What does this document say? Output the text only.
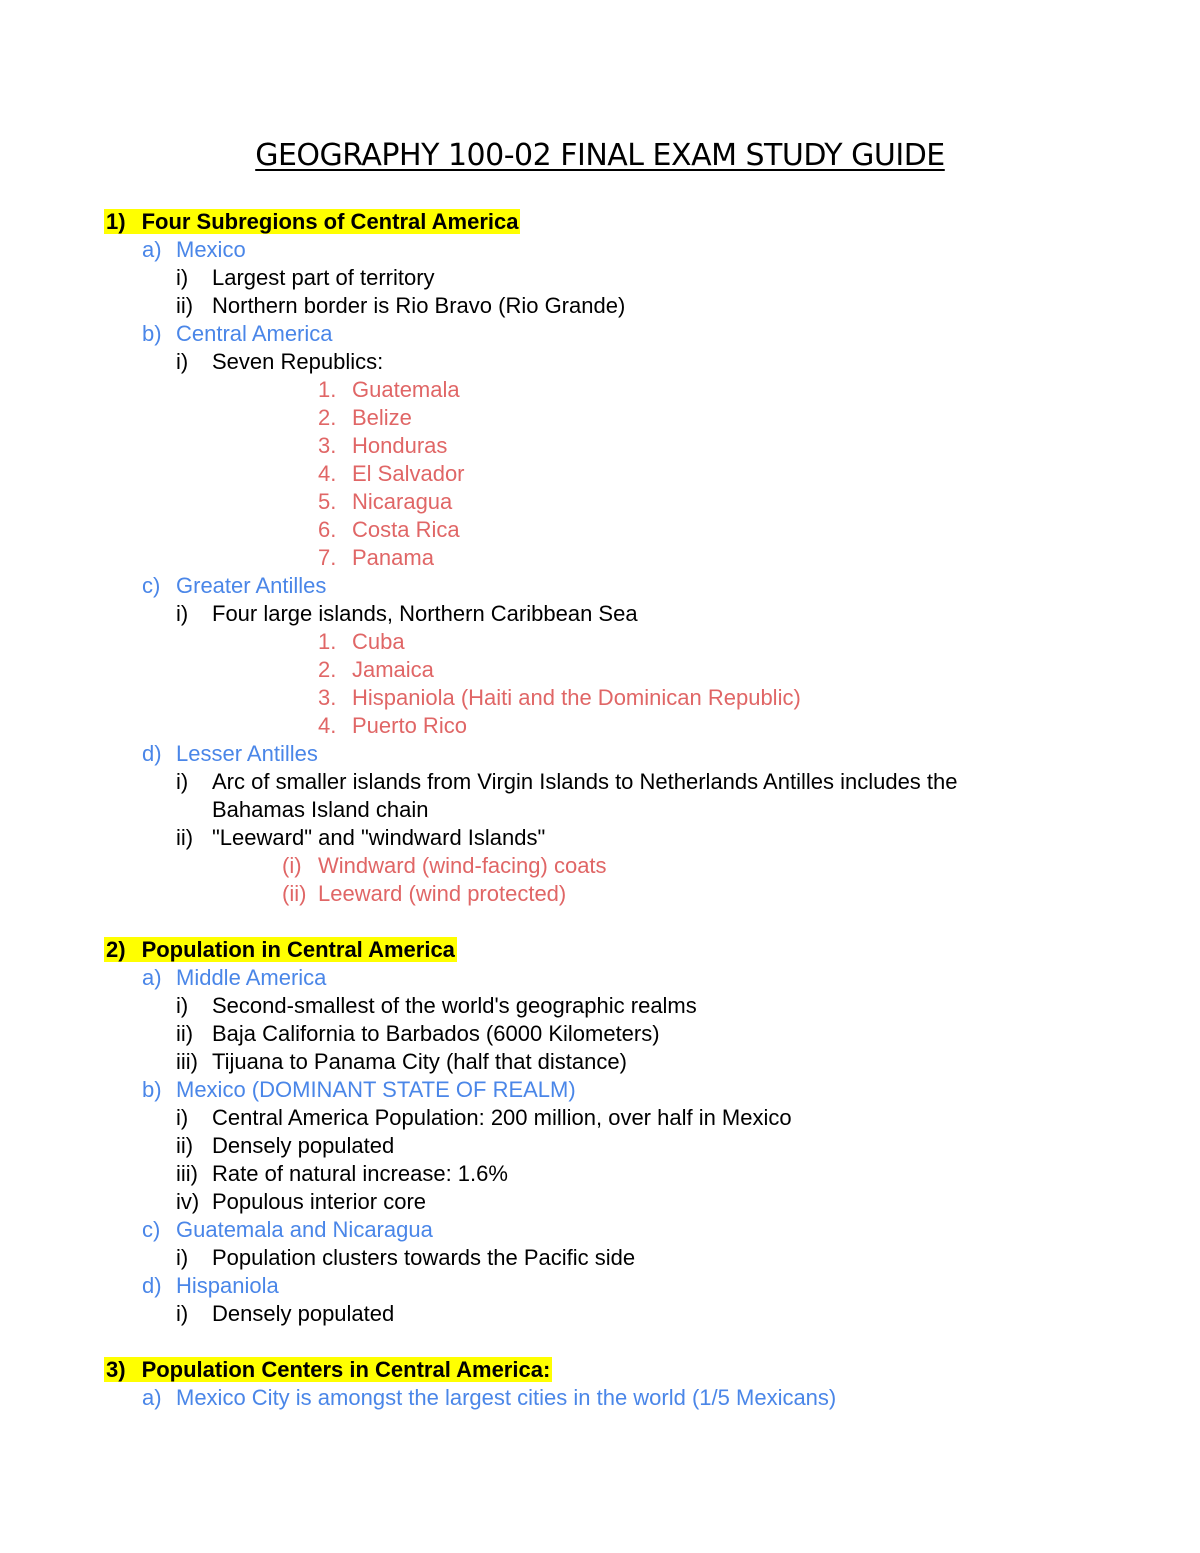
GEOGRAPHY 100-02 FINAL EXAM STUDY GUIDE
1) Four Subregions of Central America
a) Mexico
i) Largest part of territory
ii) Northern border is Rio Bravo (Rio Grande)
b) Central America
i) Seven Republics:
1. Guatemala
2. Belize
3. Honduras
4. El Salvador
5. Nicaragua
6. Costa Rica
7. Panama
c) Greater Antilles
i) Four large islands, Northern Caribbean Sea
1. Cuba
2. Jamaica
3. Hispaniola (Haiti and the Dominican Republic)
4. Puerto Rico
d) Lesser Antilles
i) Arc of smaller islands from Virgin Islands to Netherlands Antilles includes the
Bahamas Island chain
ii) "Leeward" and "windward Islands"
(i) Windward (wind-facing) coats
(ii) Leeward (wind protected)
2) Population in Central America
a) Middle America
i) Second-smallest of the world's geographic realms
ii) Baja California to Barbados (6000 Kilometers)
iii) Tijuana to Panama City (half that distance)
b) Mexico (DOMINANT STATE OF REALM)
i) Central America Population: 200 million, over half in Mexico
ii) Densely populated
iii) Rate of natural increase: 1.6%
iv) Populous interior core
c) Guatemala and Nicaragua
i) Population clusters towards the Pacific side
d) Hispaniola
i) Densely populated
3) Population Centers in Central America:
a) Mexico City is amongst the largest cities in the world (1/5 Mexicans)
